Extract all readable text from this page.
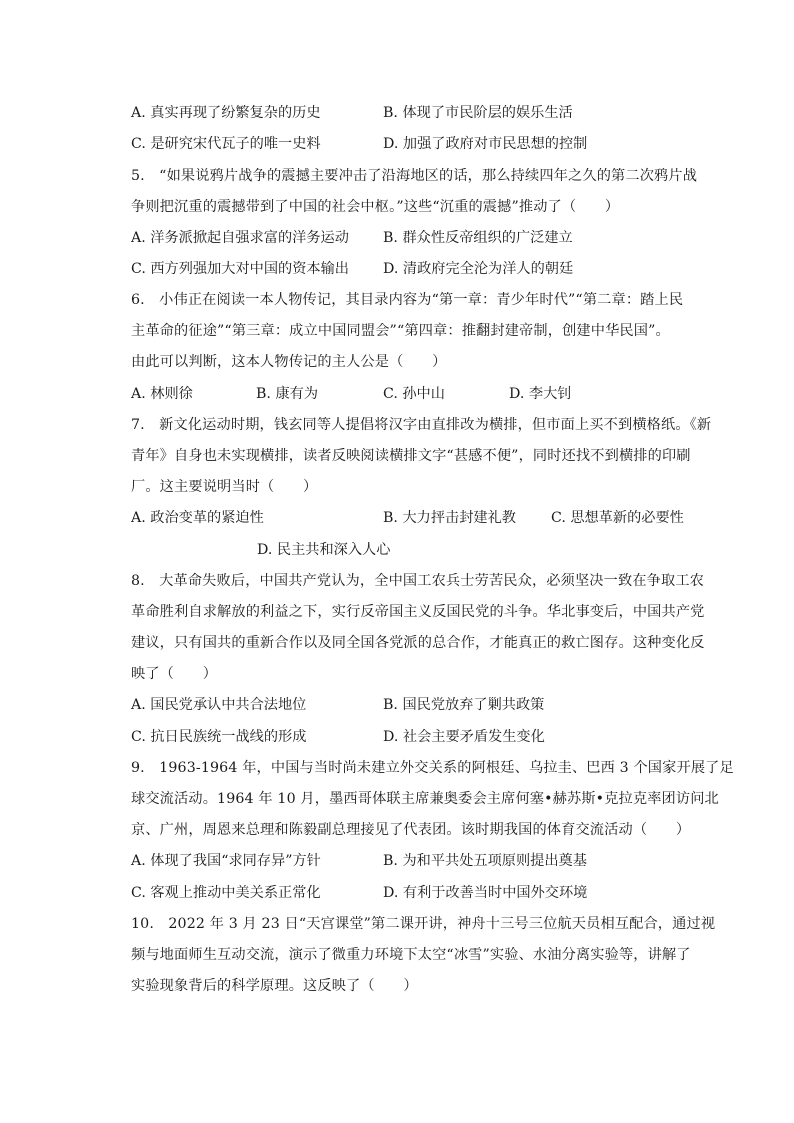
A. 真实再现了纷繁复杂的历史	B. 体现了市民阶层的娱乐生活
C. 是研究宋代瓦子的唯一史料	D. 加强了政府对市民思想的控制
5.　“如果说鸦片战争的震撼主要冲击了沿海地区的话，那么持续四年之久的第二次鸦片战
争则把沉重的震撼带到了中国的社会中枢。”这些“沉重的震撼”推动了（　　）
A. 洋务派掀起自强求富的洋务运动 B. 群众性反帝组织的广泛建立
C. 西方列强加大对中国的资本输出 D. 清政府完全沦为洋人的朝廷
6.　小伟正在阅读一本人物传记，其目录内容为“第一章：青少年时代”“第二章：踏上民
主革命的征途”“第三章：成立中国同盟会”“第四章：推翻封建帝制，创建中华民国”。
由此可以判断，这本人物传记的主人公是（　　）
A. 林则徐	B. 康有为	C. 孙中山	D. 李大钊
7.　新文化运动时期，钱玄同等人提倡将汉字由直排改为横排，但市面上买不到横格纸。《新
青年》自身也未实现横排，读者反映阅读横排文字“甚感不便”，同时还找不到横排的印刷
厂。这主要说明当时（　　）
A. 政治变革的紧迫性	B. 大力抨击封建礼教 C. 思想革新的必要性
D. 民主共和深入人心
8.　大革命失败后，中国共产党认为，全中国工农兵士劳苦民众，必须坚决一致在争取工农
革命胜利自求解放的利益之下，实行反帝国主义反国民党的斗争。华北事变后，中国共产党
建议，只有国共的重新合作以及同全国各党派的总合作，才能真正的救亡图存。这种变化反
映了（　　）
A. 国民党承认中共合法地位	B. 国民党放弃了剿共政策
C. 抗日民族统一战线的形成	D. 社会主要矛盾发生变化
9.　1963-1964 年，中国与当时尚未建立外交关系的阿根廷、乌拉圭、巴西 3 个国家开展了足
球交流活动。1964 年 10 月，墨西哥体联主席兼奥委会主席何塞•赫苏斯•克拉克率团访问北
京、广州，周恩来总理和陈毅副总理接见了代表团。该时期我国的体育交流活动（　　）
A. 体现了我国“求同存异”方针	B. 为和平共处五项原则提出奠基
C. 客观上推动中美关系正常化	D. 有利于改善当时中国外交环境
10.　2022 年 3 月 23 日“天宫课堂”第二课开讲，神舟十三号三位航天员相互配合，通过视
频与地面师生互动交流，演示了微重力环境下太空“冰雪”实验、水油分离实验等，讲解了
实验现象背后的科学原理。这反映了（　　）
